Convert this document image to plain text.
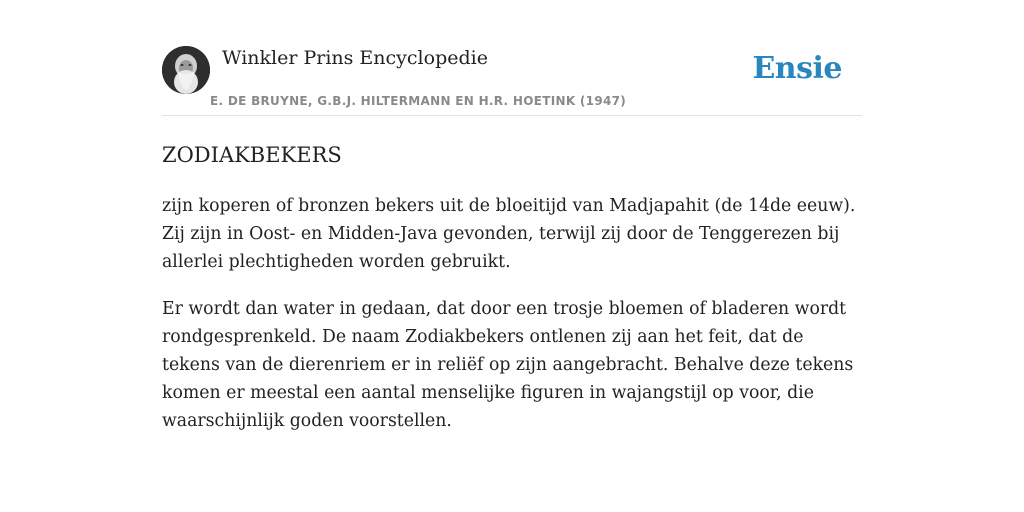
Winkler Prins Encyclopedie
E. DE BRUYNE, G.B.J. HILTERMANN EN H.R. HOETINK (1947)
Ensie
ZODIAKBEKERS

zijn koperen of bronzen bekers uit de bloeitijd van Madjapahit (de 14de eeuw). Zij zijn in Oost- en Midden-Java gevonden, terwijl zij door de Tenggerezen bij allerlei plechtigheden worden gebruikt.

Er wordt dan water in gedaan, dat door een trosje bloemen of bladeren wordt rondgesprenkeld. De naam Zodiakbekers ontlenen zij aan het feit, dat de tekens van de dierenriem er in reliëf op zijn aangebracht. Behalve deze tekens komen er meestal een aantal menselijke figuren in wajangstijl op voor, die waarschijnlijk goden voorstellen.
